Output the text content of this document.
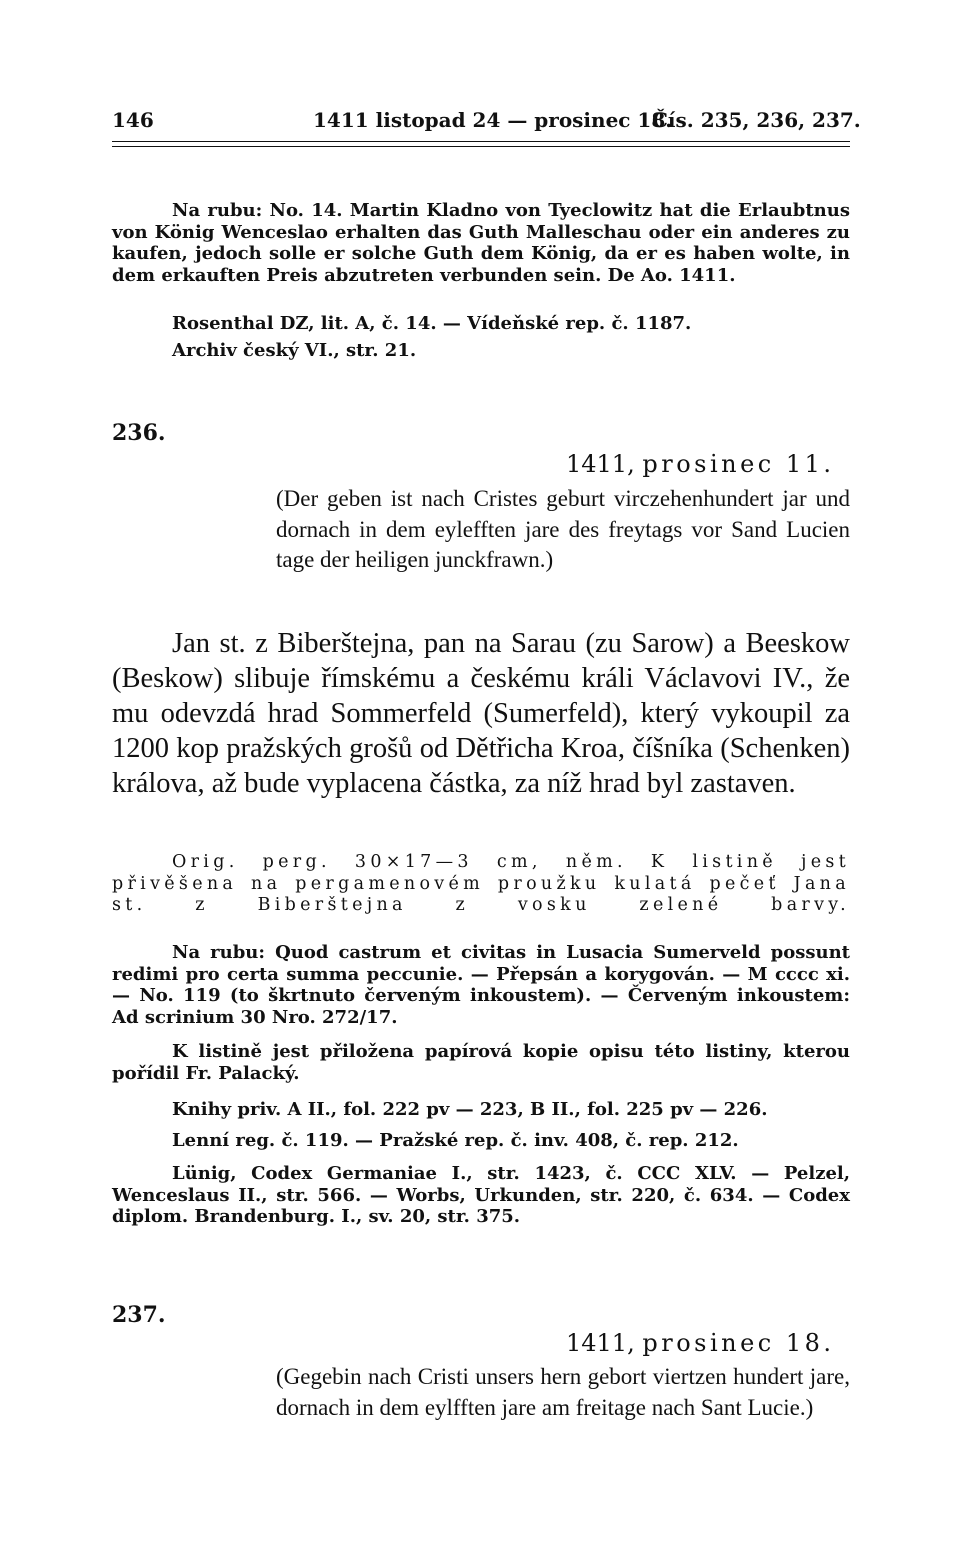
146	1411 listopad 24 — prosinec 18.
Čís. 235, 236, 237.
Na rubu: No. 14. Martin Kladno von Tyeclowitz hat die Erlaubtnus von König Wenceslao erhalten das Guth Malleschau oder ein anderes zu kaufen, jedoch solle er solche Guth dem König, da er es haben wolte, in dem erkauften Preis abzutreten verbunden sein. De Ao. 1411.
Rosenthal DZ, lit. A, č. 14. — Vídeňské rep. č. 1187.
Archiv český VI., str. 21.
236.
1411, prosinec 11.
(Der geben ist nach Cristes geburt virczehenhundert jar und dornach in dem eylefften jare des freytags vor Sand Lucien tage der heiligen junckfrawn.)
Jan st. z Biberštejna, pan na Sarau (zu Sarow) a Beeskow (Beskow) slibuje římskému a českému králi Václavovi IV., že mu odevzdá hrad Sommerfeld (Sumerfeld), který vykoupil za 1200 kop pražských grošů od Dětřicha Kroa, číšníka (Schenken) králova, až bude vyplacena částka, za níž hrad byl zastaven.
Orig. perg. 30×17—3 cm, něm. K listině jest přivěšena na pergamenovém proužku kulatá pečeť Jana st. z Biberštejna z vosku zelené barvy.
Na rubu: Quod castrum et civitas in Lusacia Sumerveld possunt redimi pro certa summa peccunie. — Přepsán a korygován. — M cccc xi. — No. 119 (to škrtnuto červeným inkoustem). — Červeným inkoustem: Ad scrinium 30 Nro. 272/17.
K listině jest přiložena papírová kopie opisu této listiny, kterou pořídil Fr. Palacký.
Knihy priv. A II., fol. 222 pv — 223, B II., fol. 225 pv — 226.
Lenní reg. č. 119. — Pražské rep. č. inv. 408, č. rep. 212.
Lünig, Codex Germaniae I., str. 1423, č. CCC XLV. — Pelzel, Wenceslaus II., str. 566. — Worbs, Urkunden, str. 220, č. 634. — Codex diplom. Brandenburg. I., sv. 20, str. 375.
237.
1411, prosinec 18.
(Gegebin nach Cristi unsers hern gebort viertzen hundert jare, dornach in dem eylfften jare am freitage nach Sant Lucie.)
